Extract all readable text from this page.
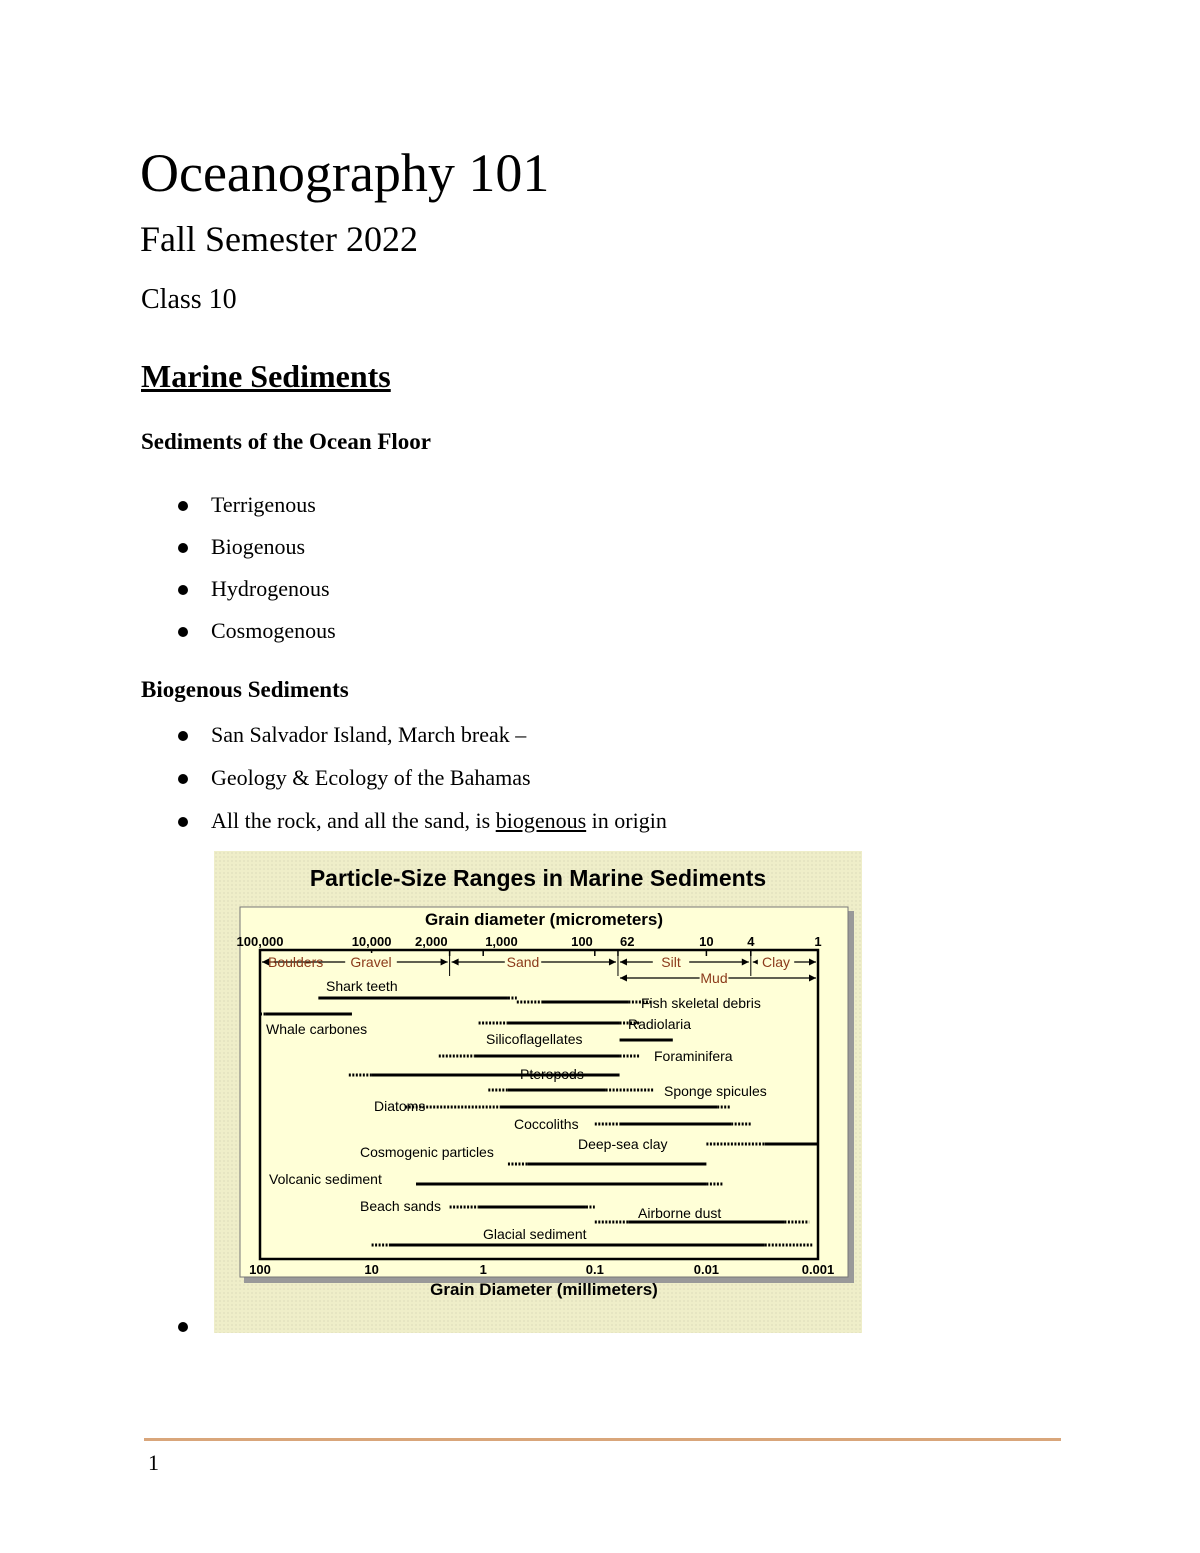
Oceanography 101
Fall Semester 2022
Class 10
Marine Sediments
Sediments of the Ocean Floor
Terrigenous
Biogenous
Hydrogenous
Cosmogenous
Biogenous Sediments
San Salvador Island, March break –
Geology & Ecology of the Bahamas
All the rock, and all the sand, is biogenous in origin
Particle-Size Ranges in Marine Sediments
Grain diameter (micrometers)
Grain Diameter (millimeters)
100,000	10,000 2,000	1,000	100 62	10	4	1
100	10	1	0.1	0.01	0.001
Gravel
Boulders	Sand	Silt	Clay
Mud
Shark teeth
Fish skeletal debris
Whale carbones	Radiolaria
Silicoflagellates
Foraminifera
Pteropods
Sponge spicules
Diatoms
Coccoliths
Deep-sea clay
Cosmogenic particles
Volcanic sediment
Beach sands	Airborne dust
Glacial sediment
1
